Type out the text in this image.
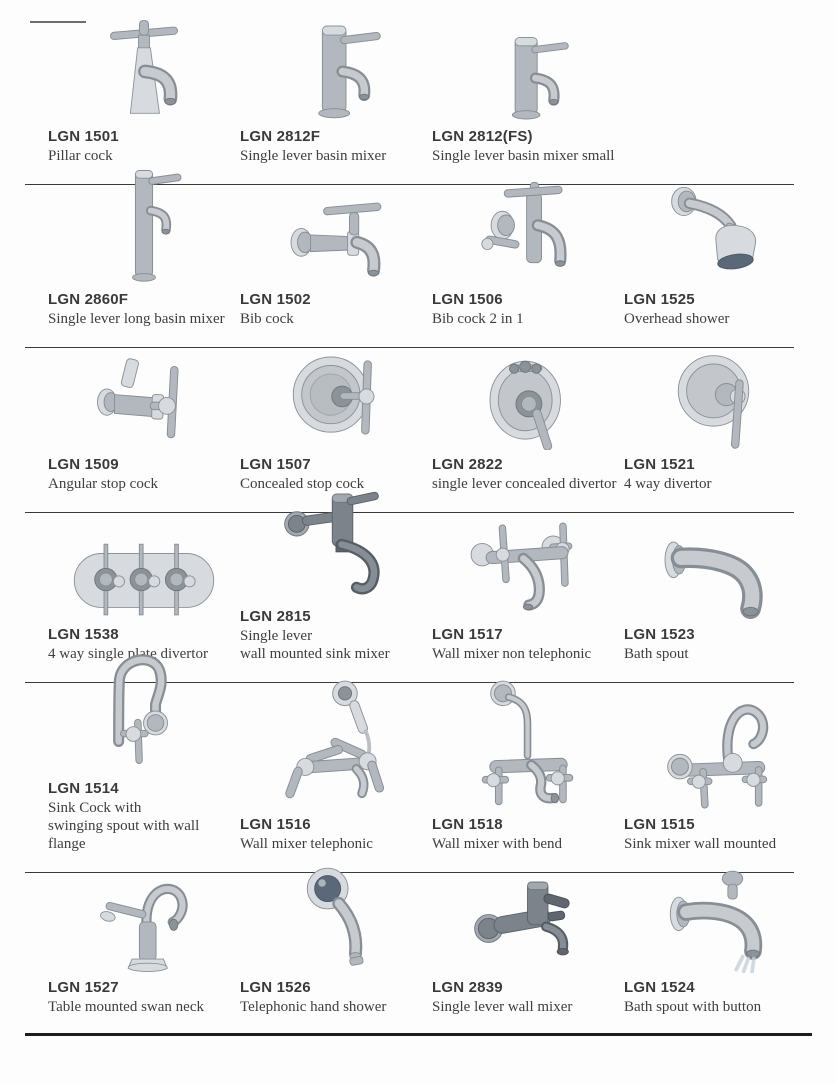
LGN 1501
Pillar cock
LGN 2812F
Single lever basin mixer
LGN 2812(FS)
Single lever basin mixer small
LGN 2860F
Single lever long basin mixer
LGN 1502
Bib cock
LGN 1506
Bib cock 2 in 1
LGN 1525
Overhead shower
LGN 1509
Angular stop cock
LGN 1507
Concealed stop cock
LGN 2822
single lever concealed divertor
LGN 1521
4 way divertor
LGN 1538
4 way single plate divertor
LGN 2815
Single lever
wall mounted sink mixer
LGN 1517
Wall mixer non telephonic
LGN 1523
Bath spout
LGN 1514
Sink Cock with
swinging spout with wall flange
LGN 1516
Wall mixer telephonic
LGN 1518
Wall mixer with bend
LGN 1515
Sink mixer wall mounted
LGN 1527
Table mounted swan neck
LGN 1526
Telephonic hand shower
LGN 2839
Single lever wall mixer
LGN 1524
Bath spout with button
